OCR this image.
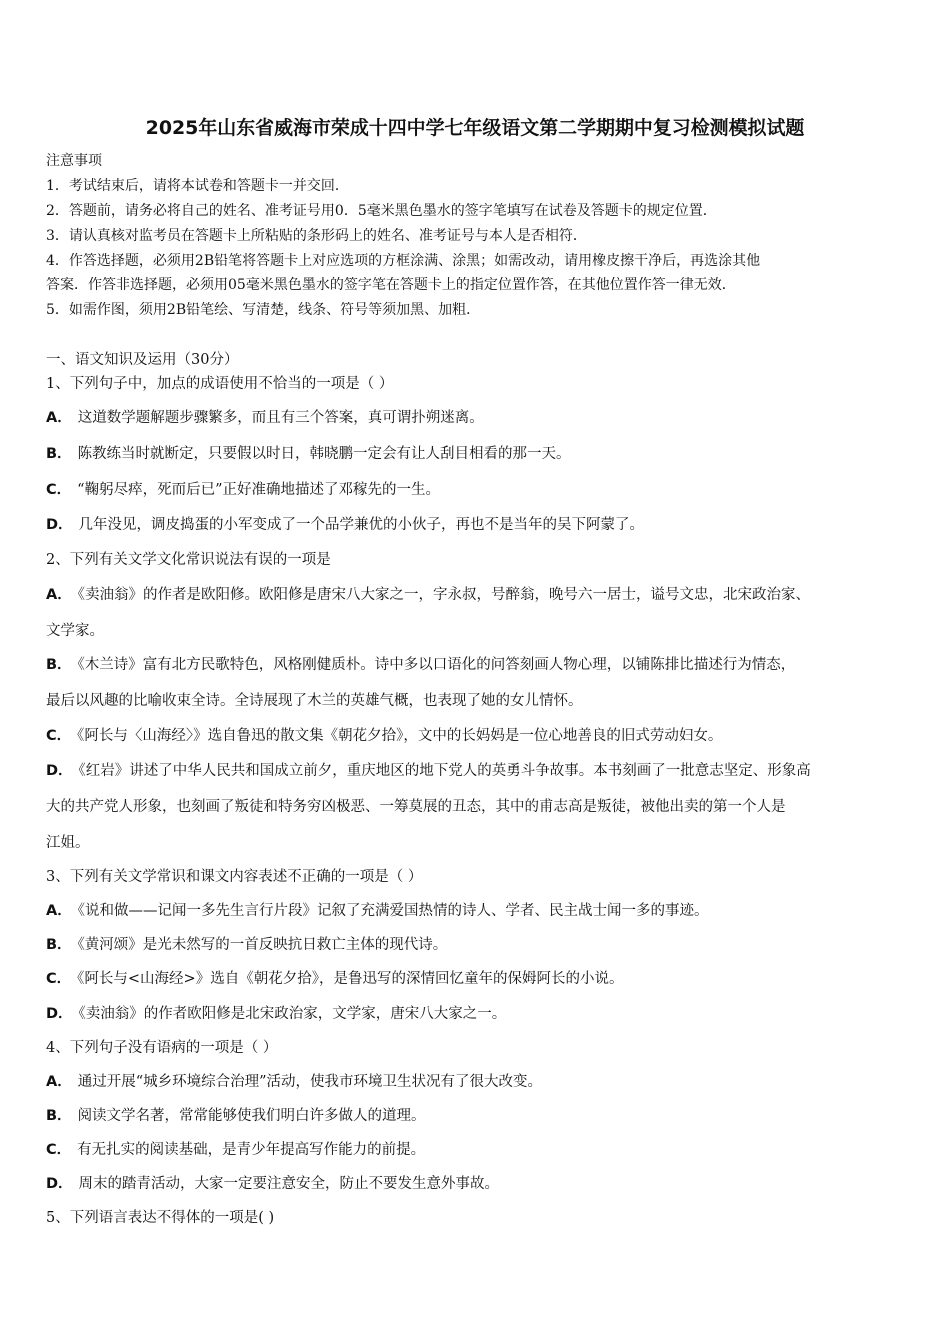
2025年山东省威海市荣成十四中学七年级语文第二学期期中复习检测模拟试题
注意事项
1．考试结束后，请将本试卷和答题卡一并交回．
2．答题前，请务必将自己的姓名、准考证号用0．5毫米黑色墨水的签字笔填写在试卷及答题卡的规定位置．
3．请认真核对监考员在答题卡上所粘贴的条形码上的姓名、准考证号与本人是否相符．
4．作答选择题，必须用2B铅笔将答题卡上对应选项的方框涂满、涂黑；如需改动，请用橡皮擦干净后，再选涂其他
答案．作答非选择题，必须用05毫米黑色墨水的签字笔在答题卡上的指定位置作答，在其他位置作答一律无效．
5．如需作图，须用2B铅笔绘、写清楚，线条、符号等须加黑、加粗．
一、语文知识及运用（30分）
1、下列句子中，加点的成语使用不恰当的一项是（ ）
A． 这道数学题解题步骤繁多，而且有三个答案，真可谓扑朔迷离。
B． 陈教练当时就断定，只要假以时日，韩晓鹏一定会有让人刮目相看的那一天。
C． “鞠躬尽瘁，死而后已”正好准确地描述了邓稼先的一生。
D． 几年没见，调皮捣蛋的小军变成了一个品学兼优的小伙子，再也不是当年的吴下阿蒙了。
2、下列有关文学文化常识说法有误的一项是
A． 《卖油翁》的作者是欧阳修。欧阳修是唐宋八大家之一，字永叔，号醉翁，晚号六一居士，谥号文忠，北宋政治家、
文学家。
B． 《木兰诗》富有北方民歌特色，风格刚健质朴。诗中多以口语化的问答刻画人物心理，以铺陈排比描述行为情态，
最后以风趣的比喻收束全诗。全诗展现了木兰的英雄气概，也表现了她的女儿情怀。
C． 《阿长与〈山海经〉》选自鲁迅的散文集《朝花夕拾》，文中的长妈妈是一位心地善良的旧式劳动妇女。
D． 《红岩》讲述了中华人民共和国成立前夕，重庆地区的地下党人的英勇斗争故事。本书刻画了一批意志坚定、形象高
大的共产党人形象，也刻画了叛徒和特务穷凶极恶、一筹莫展的丑态，其中的甫志高是叛徒，被他出卖的第一个人是
江姐。
3、下列有关文学常识和课文内容表述不正确的一项是（ ）
A． 《说和做——记闻一多先生言行片段》记叙了充满爱国热情的诗人、学者、民主战士闻一多的事迹。
B． 《黄河颂》是光未然写的一首反映抗日救亡主体的现代诗。
C． 《阿长与<山海经>》选自《朝花夕拾》，是鲁迅写的深情回忆童年的保姆阿长的小说。
D． 《卖油翁》的作者欧阳修是北宋政治家，文学家，唐宋八大家之一。
4、下列句子没有语病的一项是（ ）
A． 通过开展“城乡环境综合治理”活动，使我市环境卫生状况有了很大改变。
B． 阅读文学名著，常常能够使我们明白许多做人的道理。
C． 有无扎实的阅读基础，是青少年提高写作能力的前提。
D． 周末的踏青活动，大家一定要注意安全，防止不要发生意外事故。
5、下列语言表达不得体的一项是( )
